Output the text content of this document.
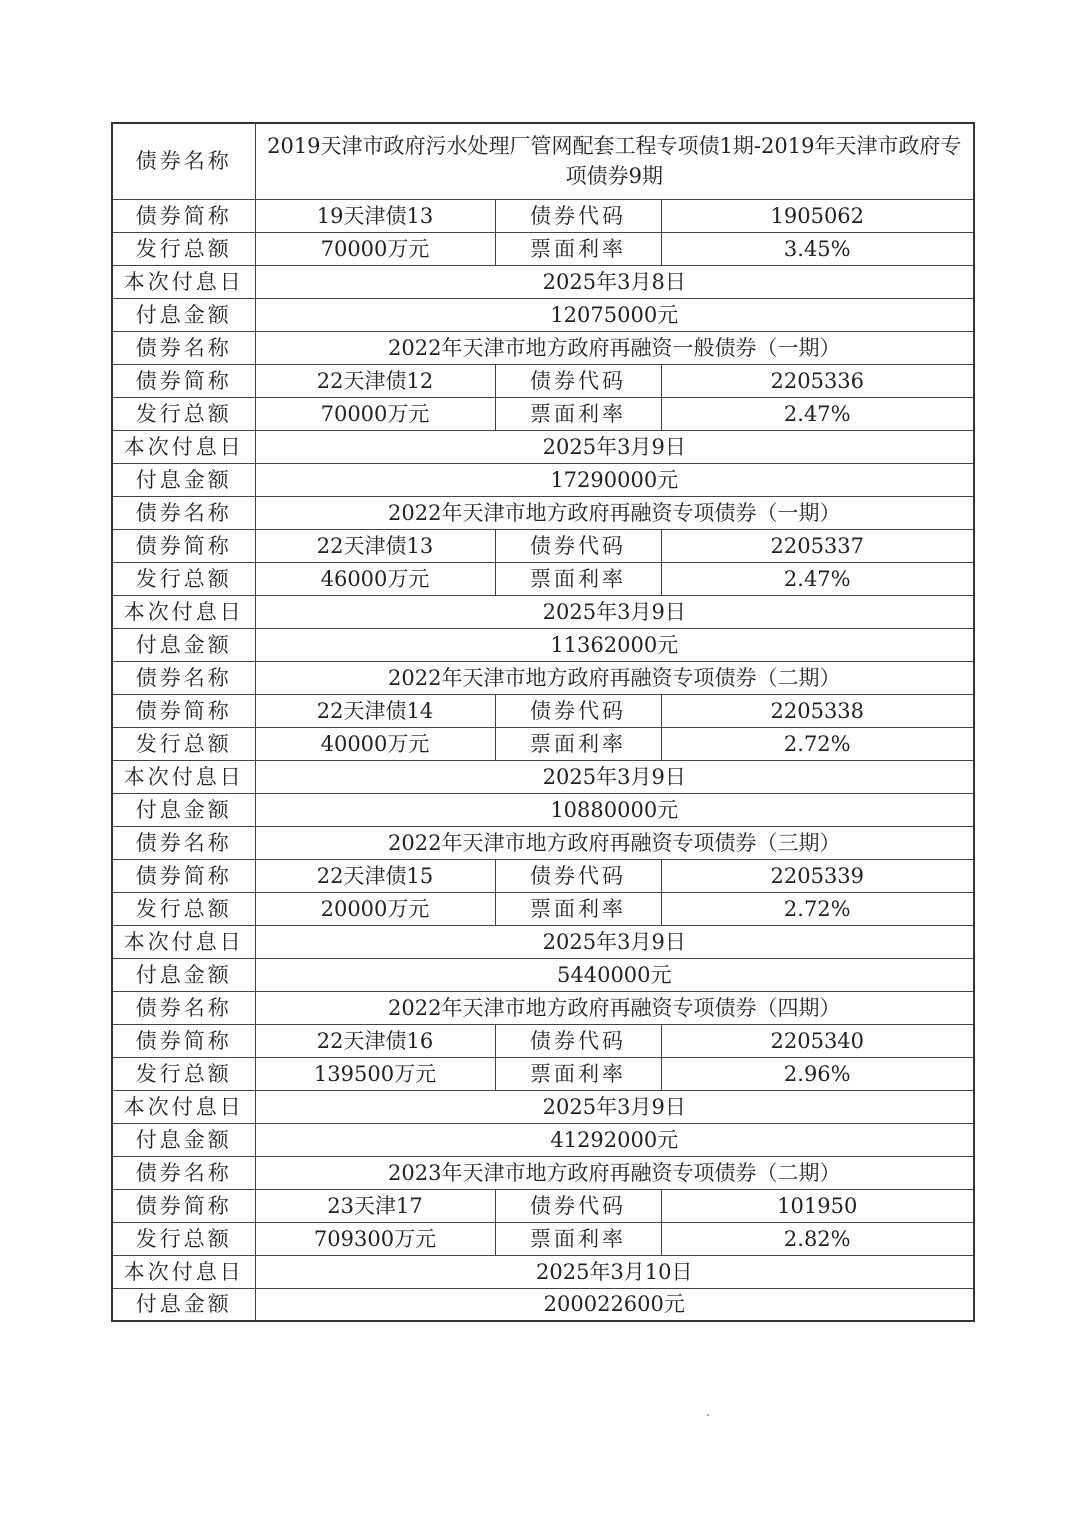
债券名称	2019天津市政府污水处理厂管网配套工程专项债1期-2019年天津市政府专项债券9期		
债券简称	19天津债13	债券代码	1905062
发行总额	70000万元	票面利率	3.45%
本次付息日	2025年3月8日		
付息金额	12075000元		
债券名称	2022年天津市地方政府再融资一般债券（一期）		
债券简称	22天津债12	债券代码	2205336
发行总额	70000万元	票面利率	2.47%
本次付息日	2025年3月9日		
付息金额	17290000元		
债券名称	2022年天津市地方政府再融资专项债券（一期）		
债券简称	22天津债13	债券代码	2205337
发行总额	46000万元	票面利率	2.47%
本次付息日	2025年3月9日		
付息金额	11362000元		
债券名称	2022年天津市地方政府再融资专项债券（二期）		
债券简称	22天津债14	债券代码	2205338
发行总额	40000万元	票面利率	2.72%
本次付息日	2025年3月9日		
付息金额	10880000元		
债券名称	2022年天津市地方政府再融资专项债券（三期）		
债券简称	22天津债15	债券代码	2205339
发行总额	20000万元	票面利率	2.72%
本次付息日	2025年3月9日		
付息金额	5440000元		
债券名称	2022年天津市地方政府再融资专项债券（四期）		
债券简称	22天津债16	债券代码	2205340
发行总额	139500万元	票面利率	2.96%
本次付息日	2025年3月9日		
付息金额	41292000元		
债券名称	2023年天津市地方政府再融资专项债券（二期）		
债券简称	23天津17	债券代码	101950
发行总额	709300万元	票面利率	2.82%
本次付息日	2025年3月10日		
付息金额	200022600元		
